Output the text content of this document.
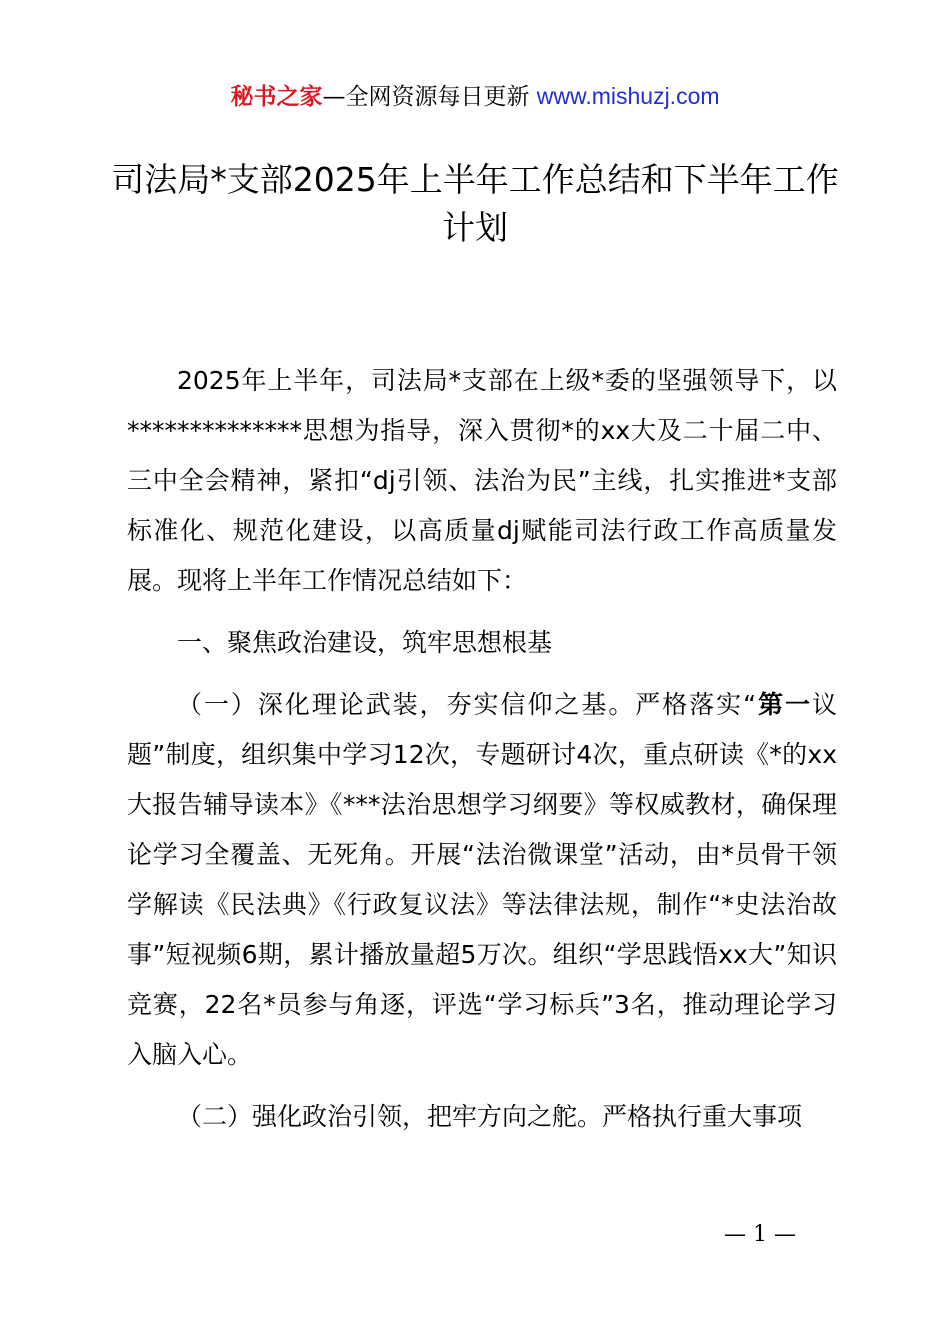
秘书之家—全网资源每日更新 www.mishuzj.com
司法局*支部2025年上半年工作总结和下半年工作计划

2025年上半年，司法局*支部在上级*委的坚强领导下，以**************思想为指导，深入贯彻*的xx大及二十届二中、三中全会精神，紧扣“dj引领、法治为民”主线，扎实推进*支部标准化、规范化建设，以高质量dj赋能司法行政工作高质量发展。现将上半年工作情况总结如下：

一、聚焦政治建设，筑牢思想根基

（一）深化理论武装，夯实信仰之基。严格落实“第一议题”制度，组织集中学习12次，专题研讨4次，重点研读《*的xx大报告辅导读本》《***法治思想学习纲要》等权威教材，确保理论学习全覆盖、无死角。开展“法治微课堂”活动，由*员骨干领学解读《民法典》《行政复议法》等法律法规，制作“*史法治故事”短视频6期，累计播放量超5万次。组织“学思践悟xx大”知识竞赛，22名*员参与角逐，评选“学习标兵”3名，推动理论学习入脑入心。

（二）强化政治引领，把牢方向之舵。严格执行重大事项

— 1 —
